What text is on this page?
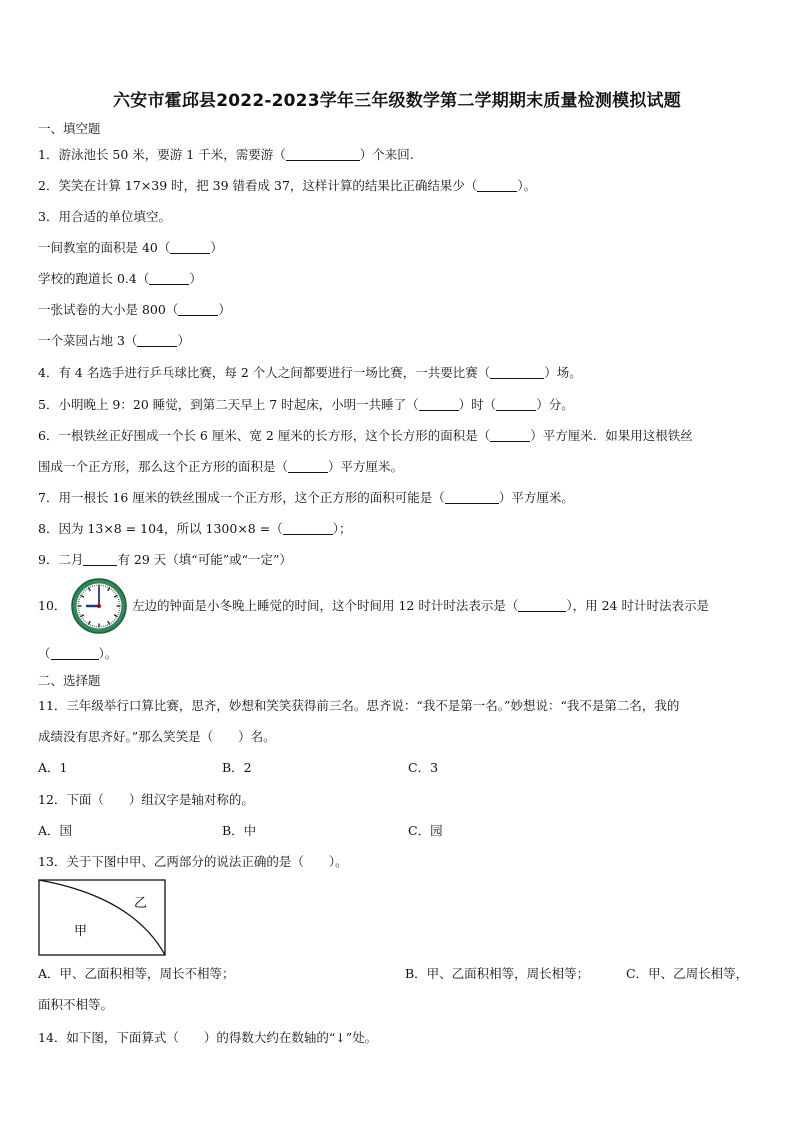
六安市霍邱县2022-2023学年三年级数学第二学期期末质量检测模拟试题
一、填空题
1．游泳池长 50 米，要游 1 千米，需要游（	）个来回.
2．笑笑在计算 17×39 时，把 39 错看成 37，这样计算的结果比正确结果少（	）。
3．用合适的单位填空。
一间教室的面积是 40（	）
学校的跑道长 0.4（	）
一张试卷的大小是 800（	）
一个菜园占地 3（	）
4．有 4 名选手进行乒乓球比赛，每 2 个人之间都要进行一场比赛，一共要比赛（	）场。
5．小明晚上 9：20 睡觉，到第二天早上 7 时起床，小明一共睡了（	）时（	）分。
6．一根铁丝正好围成一个长 6 厘米、宽 2 厘米的长方形，这个长方形的面积是（	）平方厘米．如果用这根铁丝
围成一个正方形，那么这个正方形的面积是（	）平方厘米。
7．用一根长 16 厘米的铁丝围成一个正方形，这个正方形的面积可能是（	）平方厘米。
8．因为 13×8 = 104，所以 1300×8 =（	）；
9．二月	有 29 天（填“可能”或“一定”）
10．	左边的钟面是小冬晚上睡觉的时间，这个时间用 12 时计时法表示是（	），用 24 时计时法表示是
（	）。
二、选择题
11．三年级举行口算比赛，思齐，妙想和笑笑获得前三名。思齐说：“我不是第一名。”妙想说：“我不是第二名，我的
成绩没有思齐好。”那么笑笑是（　　）名。
A．1	B．2	C．3
12．下面（　　）组汉字是轴对称的。
A．国	B．中	C．园
13．关于下图中甲、乙两部分的说法正确的是（　　）。
甲
乙
A．甲、乙面积相等，周长不相等；	B．甲、乙面积相等，周长相等；	C．甲、乙周长相等，
面积不相等。
14．如下图，下面算式（　　）的得数大约在数轴的“↓”处。
